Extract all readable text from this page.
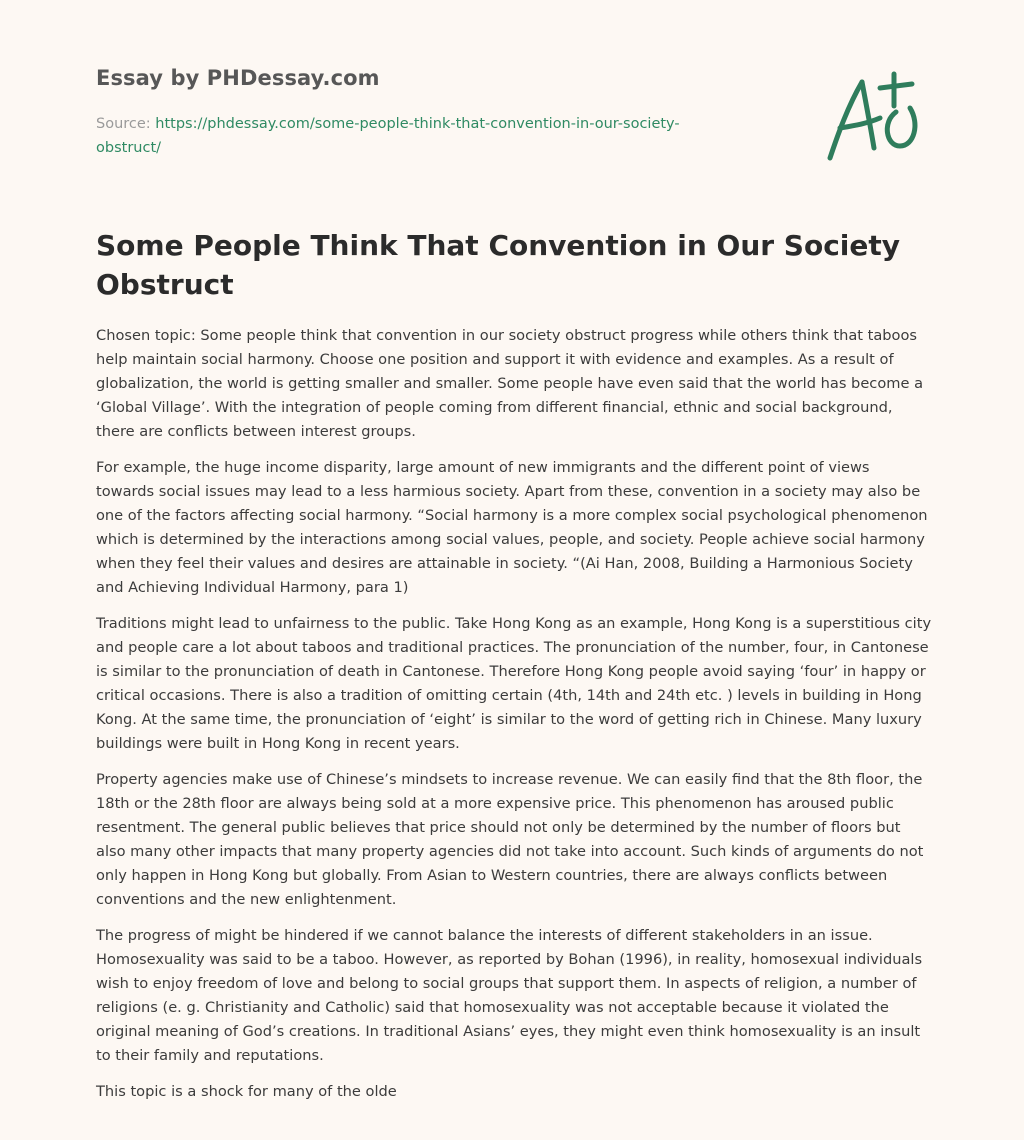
Essay by PHDessay.com
Source: https://phdessay.com/some-people-think-that-convention-in-our-society-obstruct/
Some People Think That Convention in Our Society Obstruct

Chosen topic: Some people think that convention in our society obstruct progress while others think that taboos help maintain social harmony. Choose one position and support it with evidence and examples. As a result of globalization, the world is getting smaller and smaller. Some people have even said that the world has become a ‘Global Village’. With the integration of people coming from different financial, ethnic and social background, there are conflicts between interest groups.

For example, the huge income disparity, large amount of new immigrants and the different point of views towards social issues may lead to a less harmious society. Apart from these, convention in a society may also be one of the factors affecting social harmony. “Social harmony is a more complex social psychological phenomenon which is determined by the interactions among social values, people, and society. People achieve social harmony when they feel their values and desires are attainable in society. “(Ai Han, 2008, Building a Harmonious Society and Achieving Individual Harmony, para 1)

Traditions might lead to unfairness to the public. Take Hong Kong as an example, Hong Kong is a superstitious city and people care a lot about taboos and traditional practices. The pronunciation of the number, four, in Cantonese is similar to the pronunciation of death in Cantonese. Therefore Hong Kong people avoid saying ‘four’ in happy or critical occasions. There is also a tradition of omitting certain (4th, 14th and 24th etc. ) levels in building in Hong Kong. At the same time, the pronunciation of ‘eight’ is similar to the word of getting rich in Chinese. Many luxury buildings were built in Hong Kong in recent years.

Property agencies make use of Chinese’s mindsets to increase revenue. We can easily find that the 8th floor, the 18th or the 28th floor are always being sold at a more expensive price. This phenomenon has aroused public resentment. The general public believes that price should not only be determined by the number of floors but also many other impacts that many property agencies did not take into account. Such kinds of arguments do not only happen in Hong Kong but globally. From Asian to Western countries, there are always conflicts between conventions and the new enlightenment.

The progress of might be hindered if we cannot balance the interests of different stakeholders in an issue. Homosexuality was said to be a taboo. However, as reported by Bohan (1996), in reality, homosexual individuals wish to enjoy freedom of love and belong to social groups that support them. In aspects of religion, a number of religions (e. g. Christianity and Catholic) said that homosexuality was not acceptable because it violated the original meaning of God’s creations. In traditional Asians’ eyes, they might even think homosexuality is an insult to their family and reputations.

This topic is a shock for many of the olde
